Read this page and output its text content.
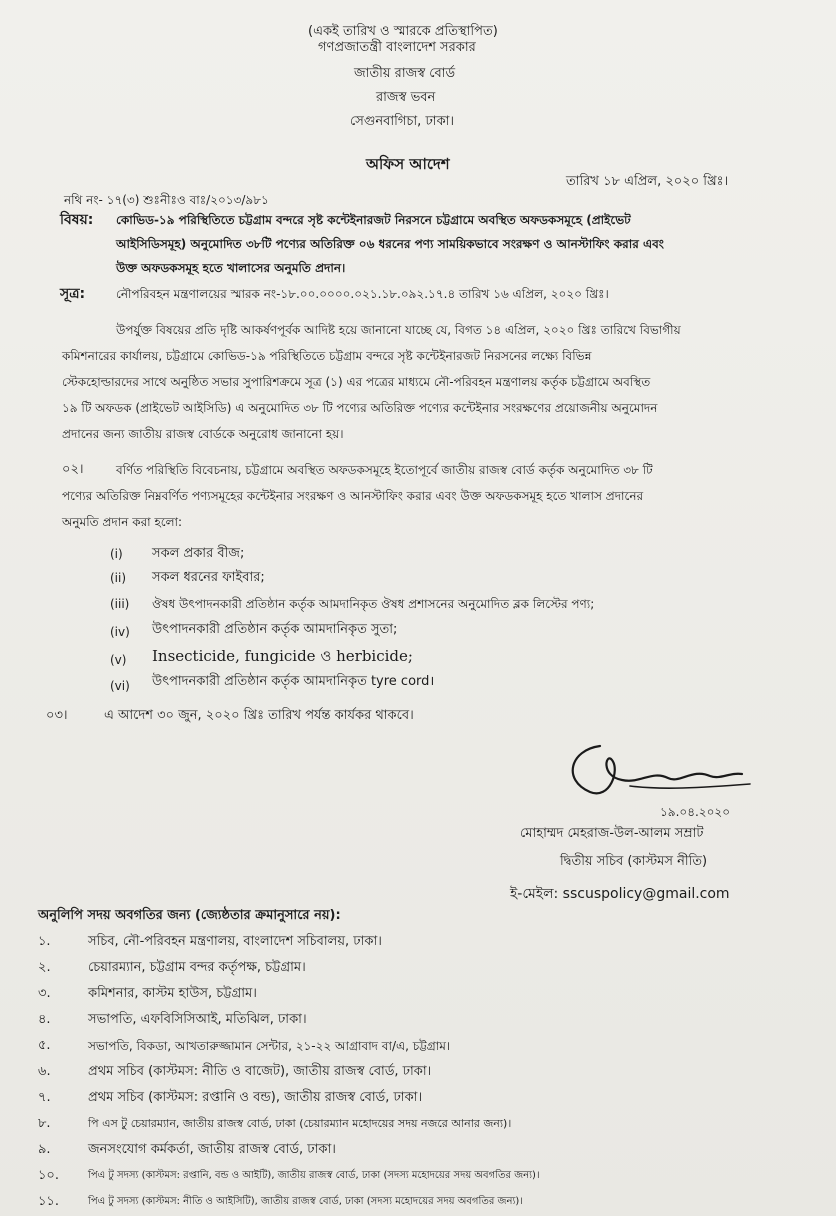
(একই তারিখ ও স্মারকে প্রতিস্থাপিত)
গণপ্রজাতন্ত্রী বাংলাদেশ সরকার
জাতীয় রাজস্ব বোর্ড
রাজস্ব ভবন
সেগুনবাগিচা, ঢাকা।
অফিস আদেশ
তারিখ ১৮ এপ্রিল, ২০২০ খ্রিঃ।
নথি নং- ১৭(৩) শুঃনীঃও বাঃ/২০১৩/৯৮১
বিষয়: কোভিড-১৯ পরিস্থিতিতে চট্টগ্রাম বন্দরে সৃষ্ট কন্টেইনারজট নিরসনে চট্টগ্রামে অবস্থিত অফডকসমূহে (প্রাইভেট
আইসিডিসমূহ) অনুমোদিত ৩৮টি পণ্যের অতিরিক্ত ০৬ ধরনের পণ্য সাময়িকভাবে সংরক্ষণ ও আনস্টাফিং করার এবং
উক্ত অফডকসমূহ হতে খালাসের অনুমতি প্রদান।
সূত্র:	নৌপরিবহন মন্ত্রণালয়ের স্মারক নং-১৮.০০.০০০০.০২১.১৮.০৯২.১৭.৪ তারিখ ১৬ এপ্রিল, ২০২০ খ্রিঃ।
উপর্যুক্ত বিষয়ের প্রতি দৃষ্টি আকর্ষণপূর্বক আদিষ্ট হয়ে জানানো যাচ্ছে যে, বিগত ১৪ এপ্রিল, ২০২০ খ্রিঃ তারিখে বিভাগীয়
কমিশনারের কার্যালয়, চট্টগ্রামে কোভিড-১৯ পরিস্থিতিতে চট্টগ্রাম বন্দরে সৃষ্ট কন্টেইনারজট নিরসনের লক্ষ্যে বিভিন্ন
স্টেকহোল্ডারদের সাথে অনুষ্ঠিত সভার সুপারিশক্রমে সূত্র (১) এর পত্রের মাধ্যমে নৌ-পরিবহন মন্ত্রণালয় কর্তৃক চট্টগ্রামে অবস্থিত
১৯ টি অফডক (প্রাইভেট আইসিডি) এ অনুমোদিত ৩৮ টি পণ্যের অতিরিক্ত পণ্যের কন্টেইনার সংরক্ষণের প্রয়োজনীয় অনুমোদন
প্রদানের জন্য জাতীয় রাজস্ব বোর্ডকে অনুরোধ জানানো হয়।
০২।	বর্ণিত পরিস্থিতি বিবেচনায়, চট্টগ্রামে অবস্থিত অফডকসমূহে ইতোপূর্বে জাতীয় রাজস্ব বোর্ড কর্তৃক অনুমোদিত ৩৮ টি
পণ্যের অতিরিক্ত নিম্নবর্ণিত পণ্যসমূহের কন্টেইনার সংরক্ষণ ও আনস্টাফিং করার এবং উক্ত অফডকসমূহ হতে খালাস প্রদানের
অনুমতি প্রদান করা হলো:
(i) সকল প্রকার বীজ;
(ii) সকল ধরনের ফাইবার;
(iii) ঔষধ উৎপাদনকারী প্রতিষ্ঠান কর্তৃক আমদানিকৃত ঔষধ প্রশাসনের অনুমোদিত ব্লক লিস্টের পণ্য;
(iv) উৎপাদনকারী প্রতিষ্ঠান কর্তৃক আমদানিকৃত সুতা;
(v) Insecticide, fungicide ও herbicide;
(vi) উৎপাদনকারী প্রতিষ্ঠান কর্তৃক আমদানিকৃত tyre cord।
০৩।	এ আদেশ ৩০ জুন, ২০২০ খ্রিঃ তারিখ পর্যন্ত কার্যকর থাকবে।
১৯.০৪.২০২০
মোহাম্মদ মেহরাজ-উল-আলম সম্রাট
দ্বিতীয় সচিব (কাস্টমস নীতি)
ই-মেইল: sscuspolicy@gmail.com
অনুলিপি সদয় অবগতির জন্য (জ্যেষ্ঠতার ক্রমানুসারে নয়):
১.	সচিব, নৌ-পরিবহন মন্ত্রণালয়, বাংলাদেশ সচিবালয়, ঢাকা।
২.	চেয়ারম্যান, চট্টগ্রাম বন্দর কর্তৃপক্ষ, চট্টগ্রাম।
৩.	কমিশনার, কাস্টম হাউস, চট্টগ্রাম।
৪.	সভাপতি, এফবিসিসিআই, মতিঝিল, ঢাকা।
৫.	সভাপতি, বিকডা, আখতারুজ্জামান সেন্টার, ২১-২২ আগ্রাবাদ বা/এ, চট্টগ্রাম।
৬.	প্রথম সচিব (কাস্টমস: নীতি ও বাজেট), জাতীয় রাজস্ব বোর্ড, ঢাকা।
৭.	প্রথম সচিব (কাস্টমস: রপ্তানি ও বন্ড), জাতীয় রাজস্ব বোর্ড, ঢাকা।
৮.	পি এস টু চেয়ারম্যান, জাতীয় রাজস্ব বোর্ড, ঢাকা (চেয়ারম্যান মহোদয়ের সদয় নজরে আনার জন্য)।
৯.	জনসংযোগ কর্মকর্তা, জাতীয় রাজস্ব বোর্ড, ঢাকা।
১০.	পিএ টু সদস্য (কাস্টমস: রপ্তানি, বন্ড ও আইটি), জাতীয় রাজস্ব বোর্ড, ঢাকা (সদস্য মহোদয়ের সদয় অবগতির জন্য)।
১১.	পিএ টু সদস্য (কাস্টমস: নীতি ও আইসিটি), জাতীয় রাজস্ব বোর্ড, ঢাকা (সদস্য মহোদয়ের সদয় অবগতির জন্য)।
